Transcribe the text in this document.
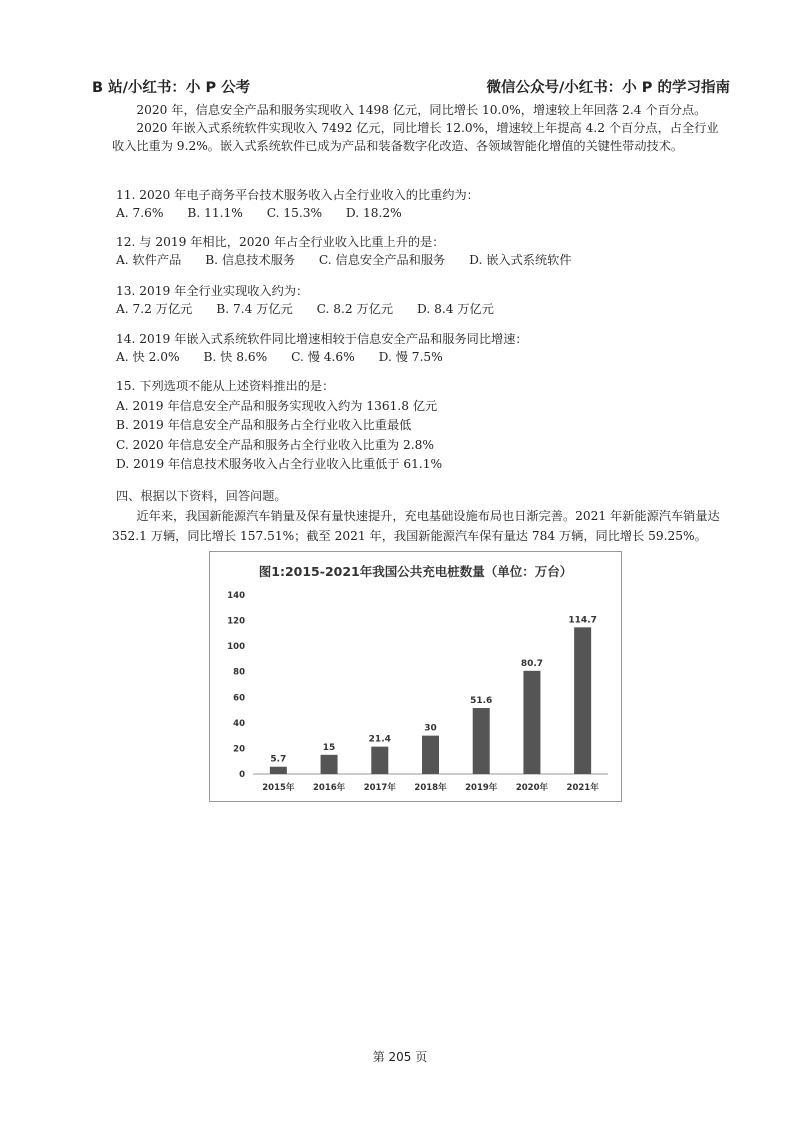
B 站/小红书：小 P 公考	微信公众号/小红书：小 P 的学习指南

2020 年，信息安全产品和服务实现收入 1498 亿元，同比增长 10.0%，增速较上年回落 2.4 个百分点。

2020 年嵌入式系统软件实现收入 7492 亿元，同比增长 12.0%，增速较上年提高 4.2 个百分点，占全行业收入比重为 9.2%。嵌入式系统软件已成为产品和装备数字化改造、各领域智能化增值的关键性带动技术。

11. 2020 年电子商务平台技术服务收入占全行业收入的比重约为：

A. 7.6% B. 11.1% C. 15.3% D. 18.2%

12. 与 2019 年相比，2020 年占全行业收入比重上升的是：

A. 软件产品 B. 信息技术服务 C. 信息安全产品和服务 D. 嵌入式系统软件

13. 2019 年全行业实现收入约为：

A. 7.2 万亿元 B. 7.4 万亿元 C. 8.2 万亿元 D. 8.4 万亿元

14. 2019 年嵌入式系统软件同比增速相较于信息安全产品和服务同比增速：

A. 快 2.0% B. 快 8.6% C. 慢 4.6% D. 慢 7.5%

15. 下列选项不能从上述资料推出的是：

A. 2019 年信息安全产品和服务实现收入约为 1361.8 亿元

B. 2019 年信息安全产品和服务占全行业收入比重最低

C. 2020 年信息安全产品和服务占全行业收入比重为 2.8%

D. 2019 年信息技术服务收入占全行业收入比重低于 61.1%

四、根据以下资料，回答问题。

近年来，我国新能源汽车销量及保有量快速提升，充电基础设施布局也日渐完善。2021 年新能源汽车销量达 352.1 万辆，同比增长 157.51%；截至 2021 年，我国新能源汽车保有量达 784 万辆，同比增长 59.25%。

图1:2015-2021年我国公共充电桩数量（单位：万台）
0
20
40
60
80
100
120
140
5.7
2015年
15
2016年
21.4
2017年
30
2018年
51.6
2019年
80.7
2020年
114.7
2021年
第 205 页
